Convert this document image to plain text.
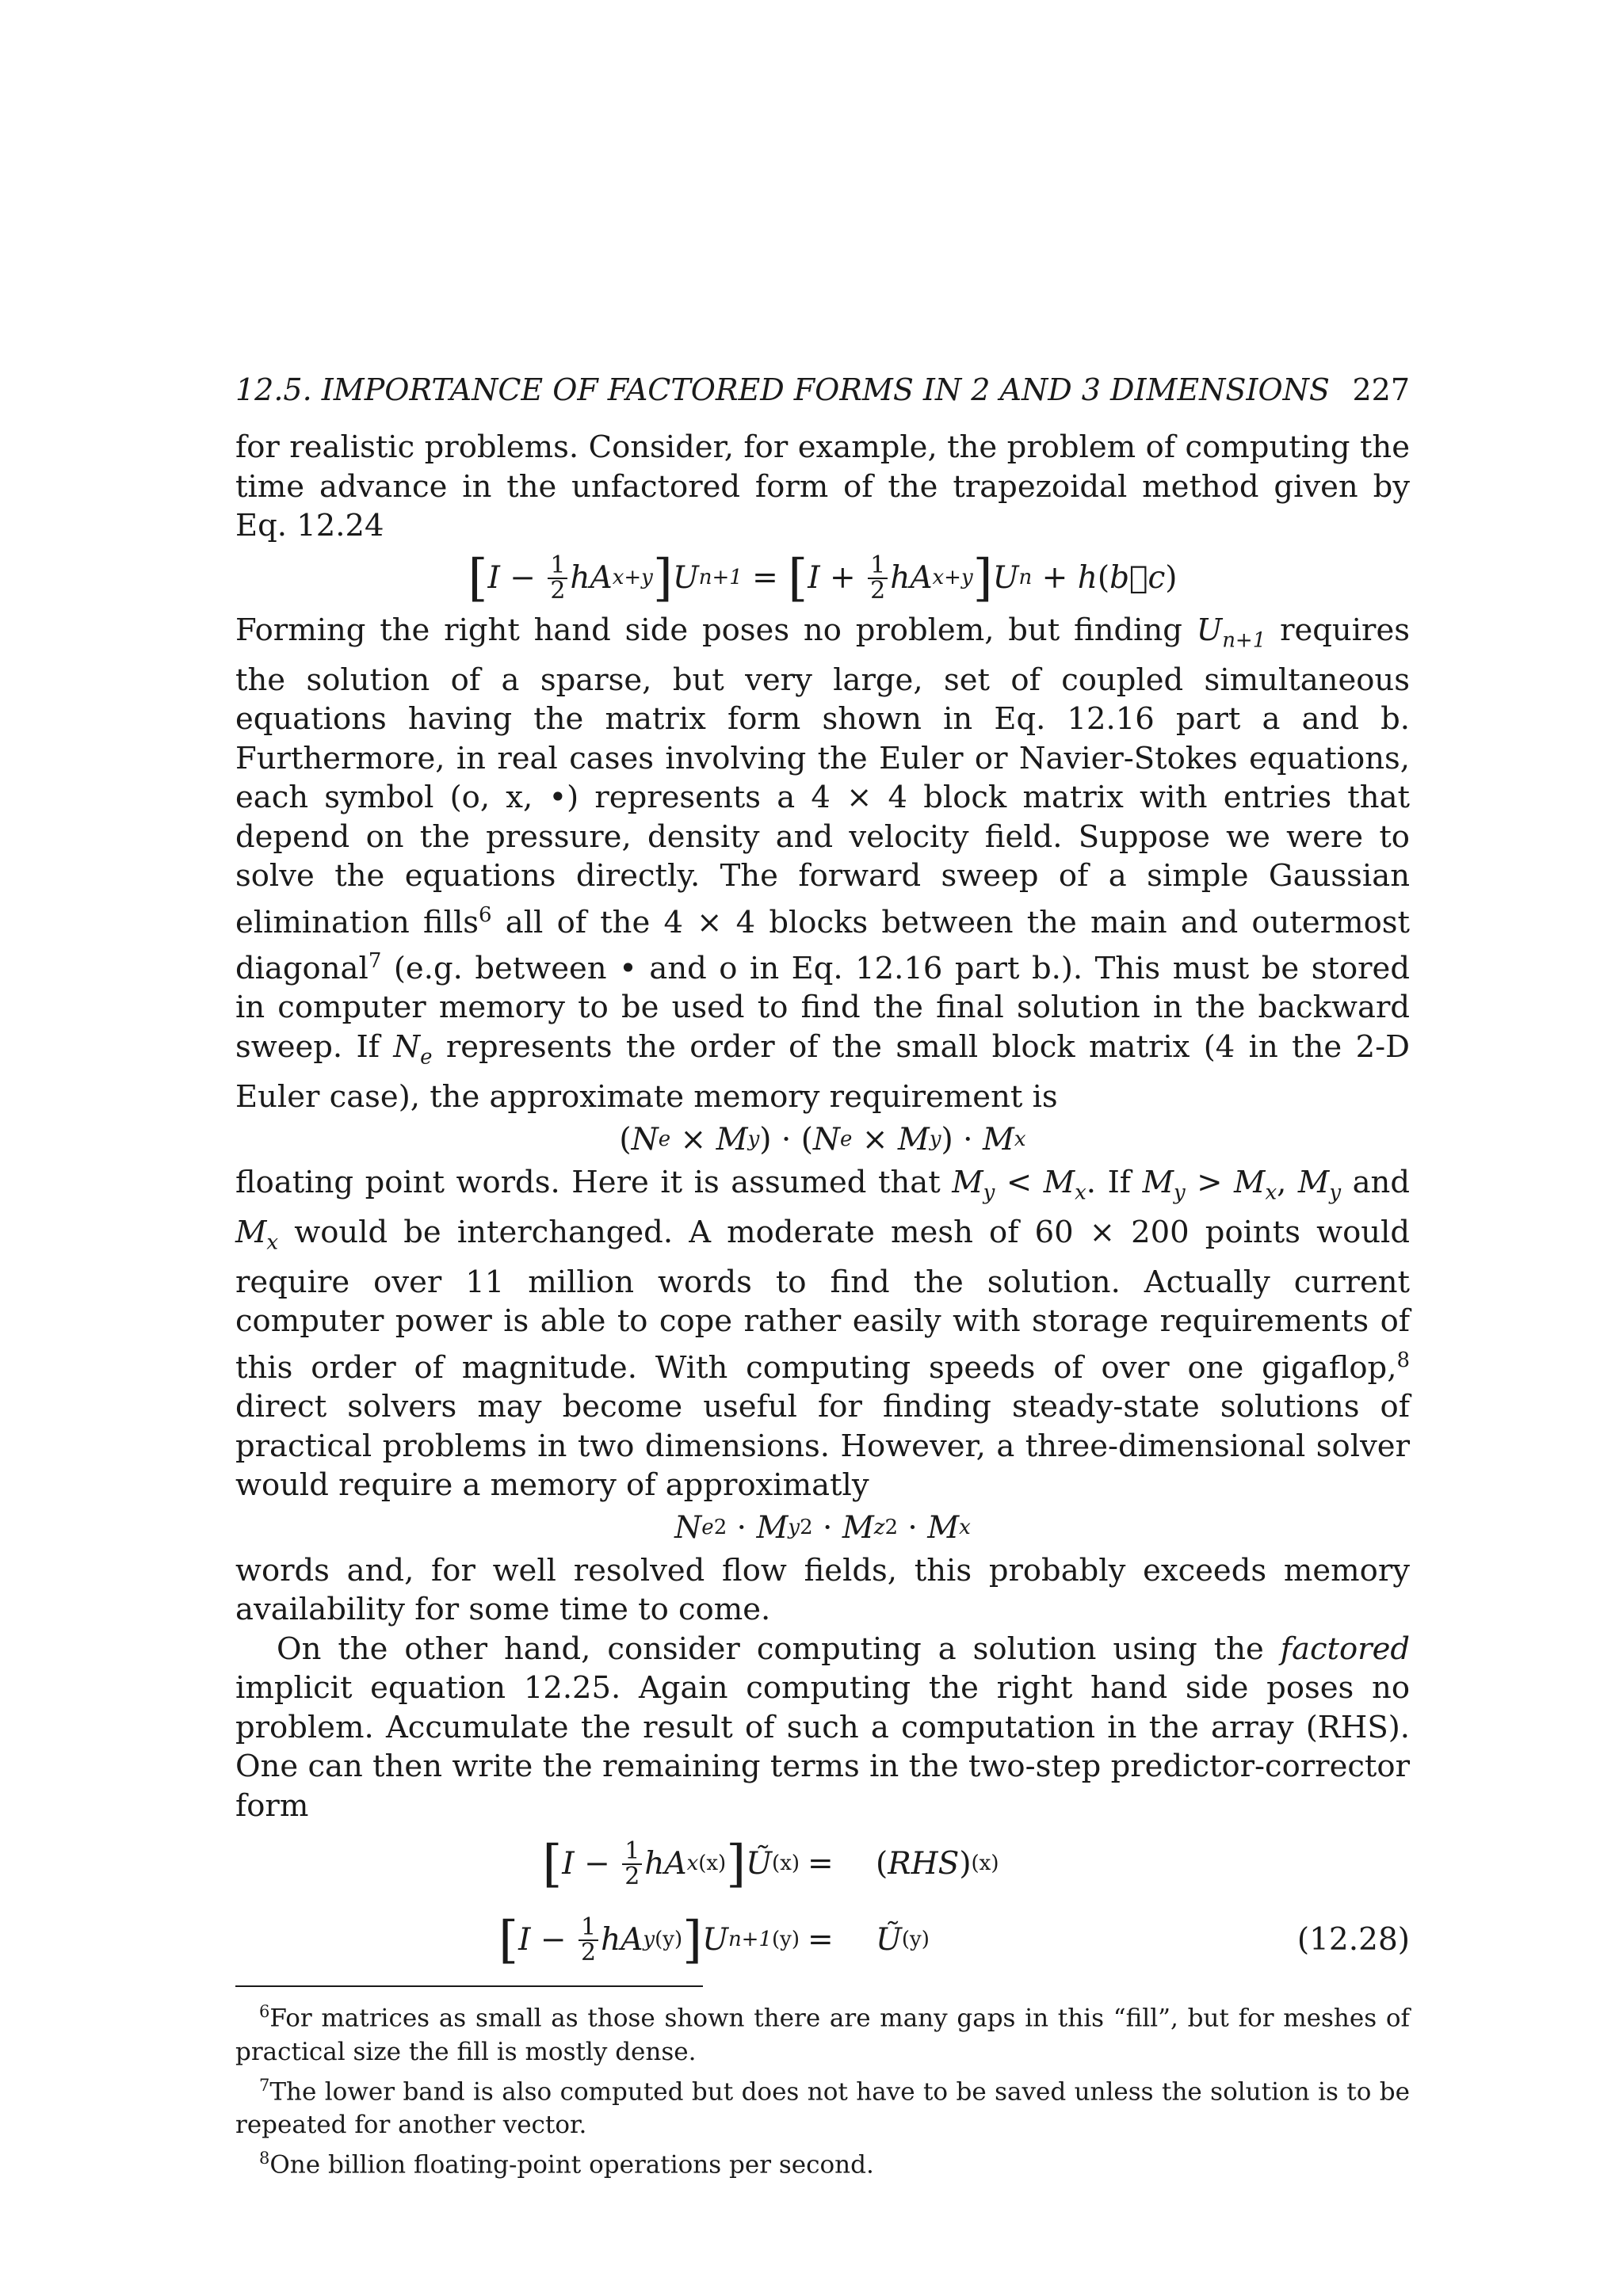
12.5. IMPORTANCE OF FACTORED FORMS IN 2 AND 3 DIMENSIONS 227

for realistic problems. Consider, for example, the problem of computing the time advance in the unfactored form of the trapezoidal method given by Eq. 12.24

[ $I - \frac{1}{2}$ hA x+y ] U n+1 = [ $I + \frac{1}{2}$ hA x+y ] U n + h ( b⃗c )

Forming the right hand side poses no problem, but finding $U_{n+1}$ requires the solution of a sparse, but very large, set of coupled simultaneous equations having the matrix form shown in Eq. 12.16 part a and b. Furthermore, in real cases involving the Euler or Navier-Stokes equations, each symbol (o, x, •) represents a 4 × 4 block matrix with entries that depend on the pressure, density and velocity field. Suppose we were to solve the equations directly. The forward sweep of a simple Gaussian elimination fills$^6$ all of the 4 × 4 blocks between the main and outermost diagonal$^7$ (e.g. between • and o in Eq. 12.16 part b.). This must be stored in computer memory to be used to find the final solution in the backward sweep. If $N_e$ represents the order of the small block matrix (4 in the 2-D Euler case), the approximate memory requirement is

( N e × M y ) · ( N e × M y ) · M x

floating point words. Here it is assumed that $M_y < M_x$. If $M_y > M_x$, $M_y$ and $M_x$ would be interchanged. A moderate mesh of 60 × 200 points would require over 11 million words to find the solution. Actually current computer power is able to cope rather easily with storage requirements of this order of magnitude. With computing speeds of over one gigaflop,$^8$ direct solvers may become useful for finding steady-state solutions of practical problems in two dimensions. However, a three-dimensional solver would require a memory of approximatly

N e 2 · M y 2 · M z 2 · M x

words and, for well resolved flow fields, this probably exceeds memory availability for some time to come.

On the other hand, consider computing a solution using the factored implicit equation 12.25. Again computing the right hand side poses no problem. Accumulate the result of such a computation in the array (RHS). One can then write the remaining terms in the two-step predictor-corrector form

[ $I - \frac{1}{2}$ hA x (x) ] Ũ (x) = ( RHS ) (x)
[ $I - \frac{1}{2}$ hA y (y) ] U n+1 (y) = Ũ (y)	(12.28)

$^6$For matrices as small as those shown there are many gaps in this “fill”, but for meshes of practical size the fill is mostly dense.

$^7$The lower band is also computed but does not have to be saved unless the solution is to be repeated for another vector.

$^8$One billion floating-point operations per second.
